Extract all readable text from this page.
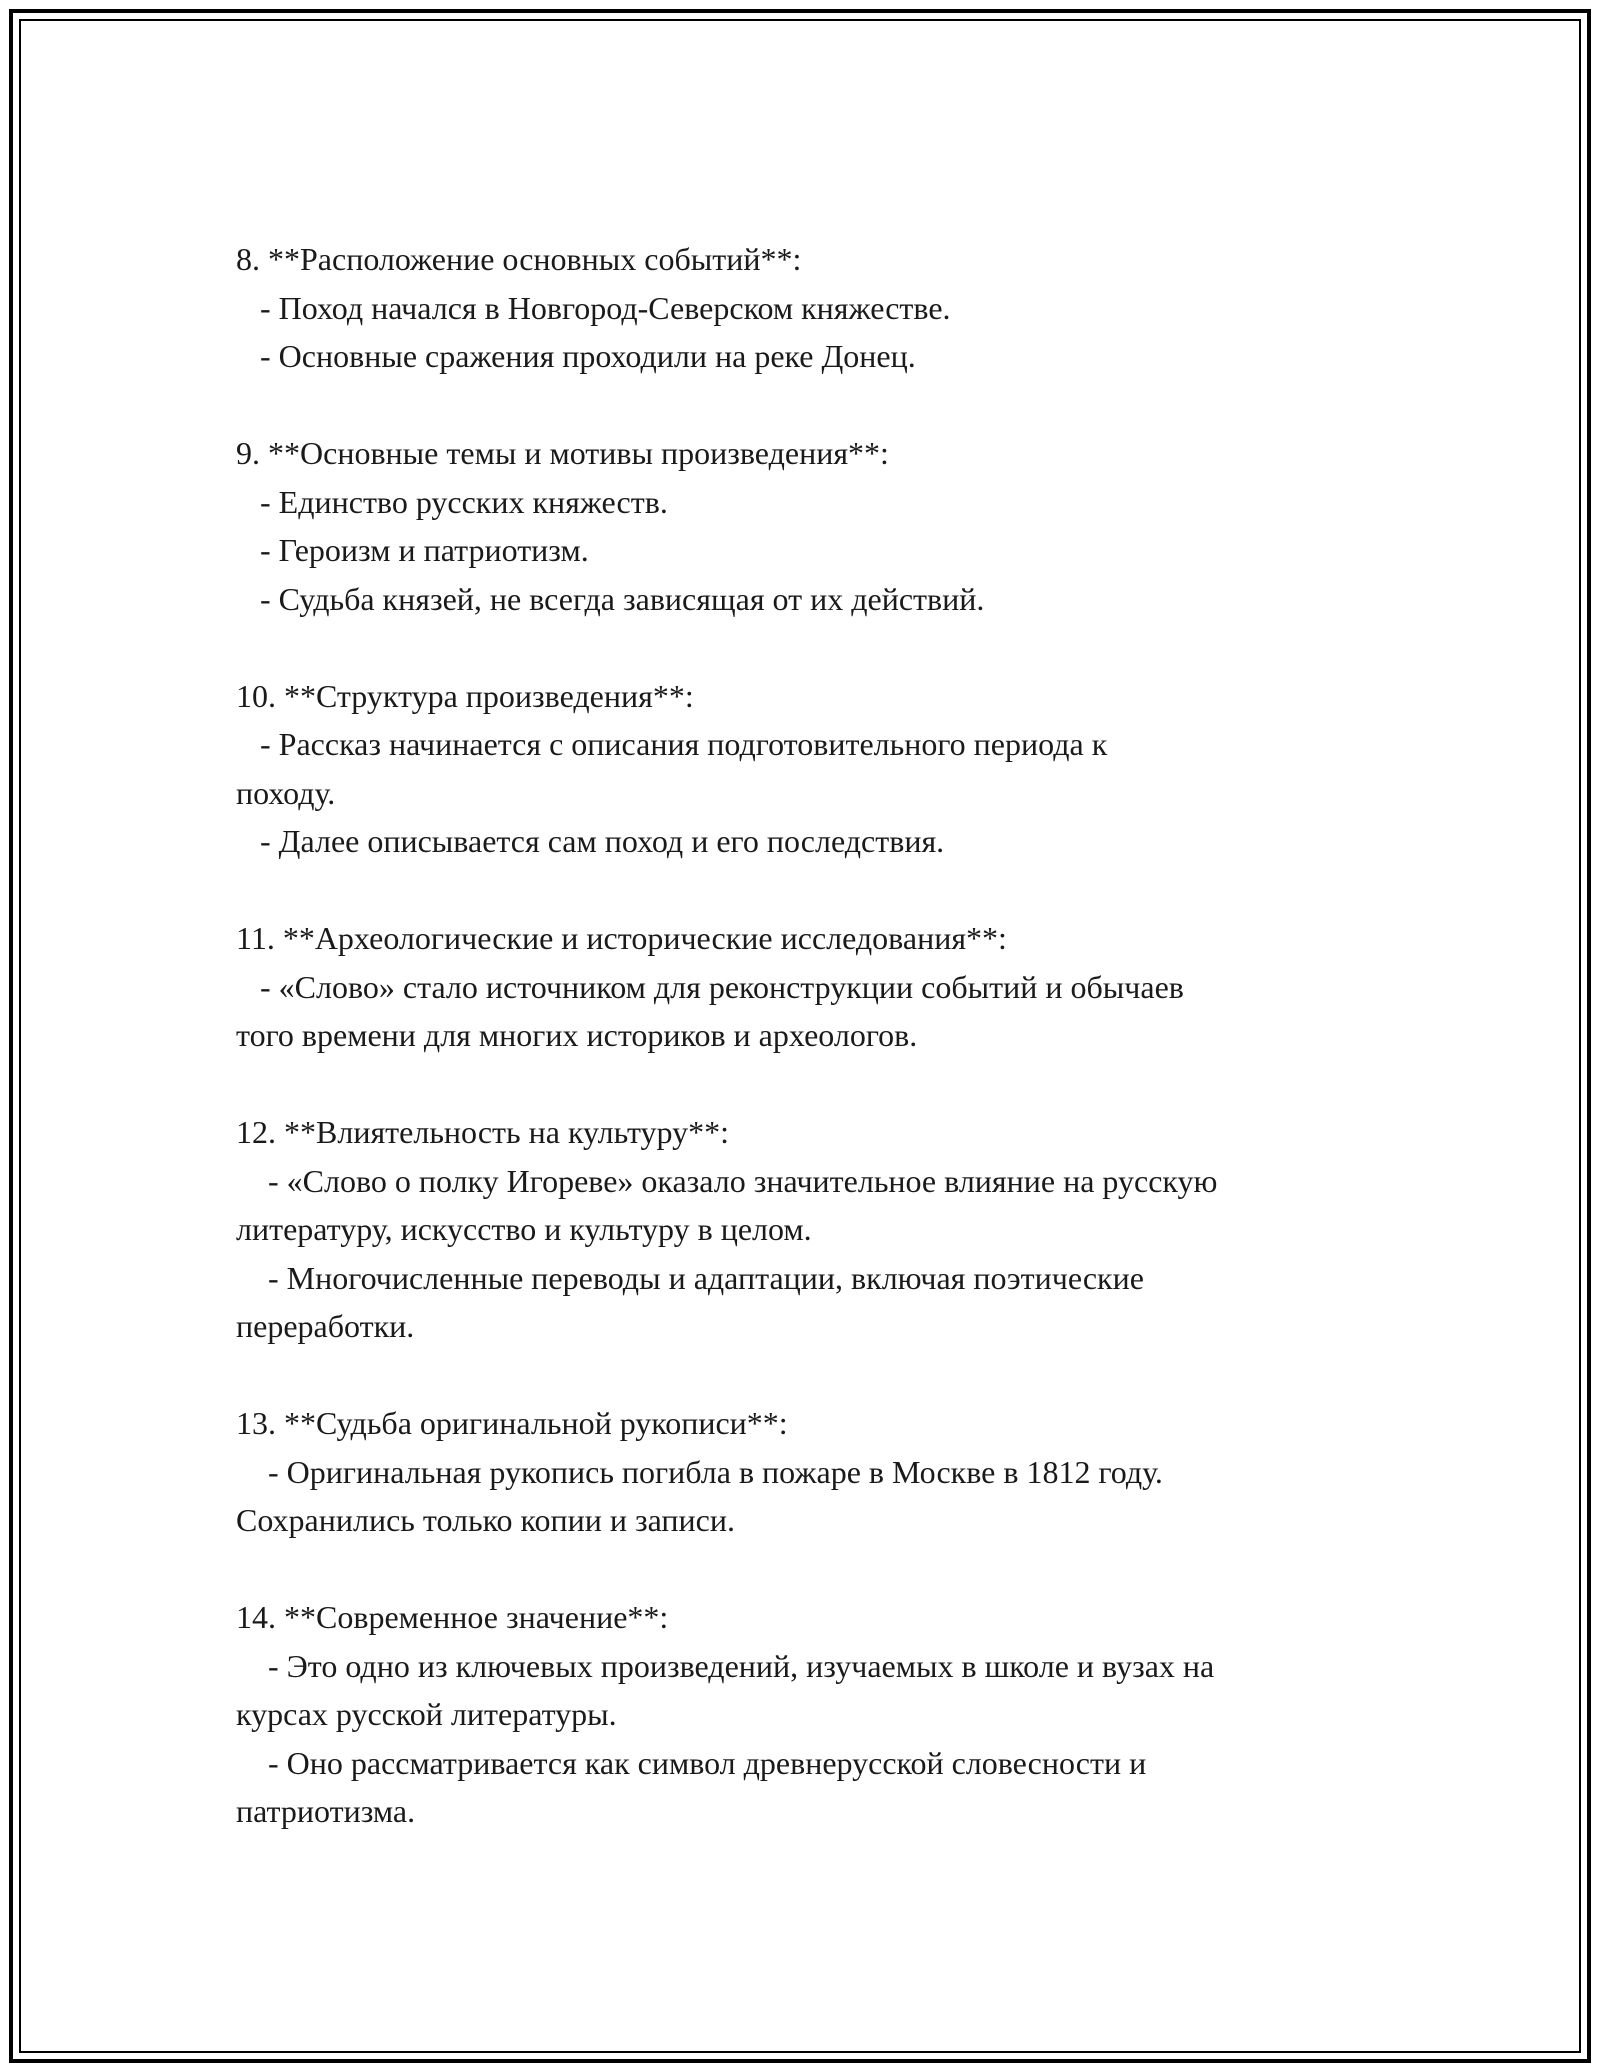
8. **Расположение основных событий**:

- Поход начался в Новгород-Северском княжестве.

- Основные сражения проходили на реке Донец.

9. **Основные темы и мотивы произведения**:

- Единство русских княжеств.

- Героизм и патриотизм.

- Судьба князей, не всегда зависящая от их действий.

10. **Структура произведения**:

- Рассказ начинается с описания подготовительного периода к

походу.

- Далее описывается сам поход и его последствия.

11. **Археологические и исторические исследования**:

- «Слово» стало источником для реконструкции событий и обычаев

того времени для многих историков и археологов.

12. **Влиятельность на культуру**:

- «Слово о полку Игореве» оказало значительное влияние на русскую

литературу, искусство и культуру в целом.

- Многочисленные переводы и адаптации, включая поэтические

переработки.

13. **Судьба оригинальной рукописи**:

- Оригинальная рукопись погибла в пожаре в Москве в 1812 году.

Сохранились только копии и записи.

14. **Современное значение**:

- Это одно из ключевых произведений, изучаемых в школе и вузах на

курсах русской литературы.

- Оно рассматривается как символ древнерусской словесности и

патриотизма.
